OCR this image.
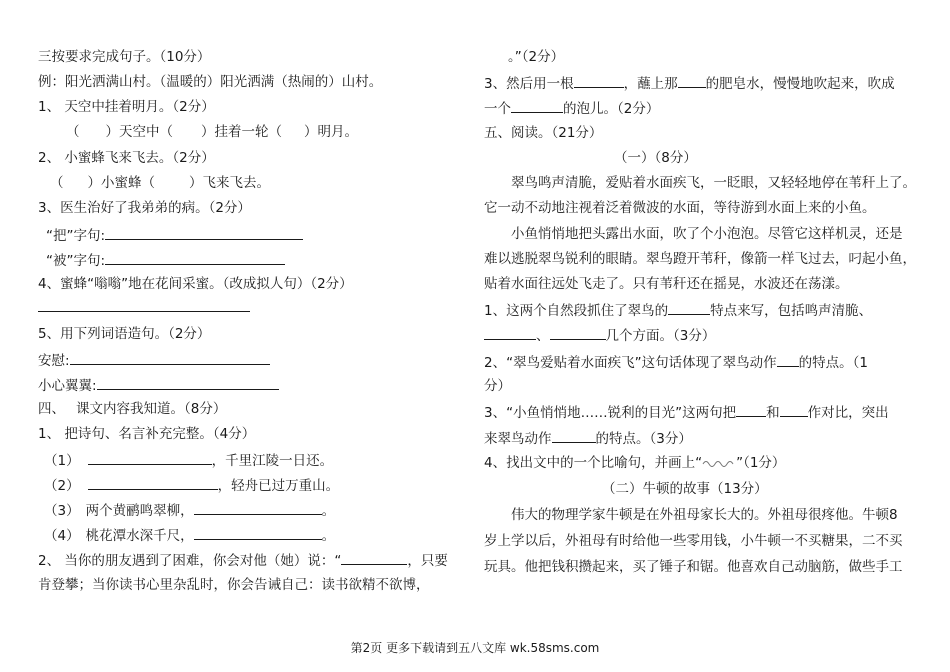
三按要求完成句子。（10分）
例：阳光洒满山村。（温暖的）阳光洒满（热闹的）山村。
1、 天空中挂着明月。（2分）
（ ）天空中（ ）挂着一轮（ ）明月。
2、 小蜜蜂飞来飞去。（2分）
（ ）小蜜蜂（	）飞来飞去。
3、医生治好了我弟弟的病。（2分）
“把”字句:
“被”字句:
4、蜜蜂“嗡嗡”地在花间采蜜。（改成拟人句）（2分）
5、用下列词语造句。（2分）
安慰:
小心翼翼:
四、　 课文内容我知道。（8分）
1、 把诗句、名言补充完整。（4分）
（1）	，千里江陵一日还。
（2）	，轻舟已过万重山。
（3） 两个黄鹂鸣翠柳，	。
（4） 桃花潭水深千尺，	。
2、 当你的朋友遇到了困难，你会对他（她）说：“	，只要
肯登攀；当你读书心里杂乱时，你会告诫自己：读书欲精不欲博，
。”（2分）
3、然后用一根	，蘸上那 的肥皂水，慢慢地吹起来，吹成
一个	的泡儿。（2分）
五、阅读。（21分）
（一）（8分）
　　翠鸟鸣声清脆，爱贴着水面疾飞，一眨眼，又轻轻地停在苇秆上了。
它一动不动地注视着泛着微波的水面，等待游到水面上来的小鱼。
　　小鱼悄悄地把头露出水面，吹了个小泡泡。尽管它这样机灵，还是
难以逃脱翠鸟锐利的眼睛。翠鸟蹬开苇秆，像箭一样飞过去，叼起小鱼，
贴着水面往远处飞走了。只有苇秆还在摇晃，水波还在荡漾。
1、这两个自然段抓住了翠鸟的	特点来写，包括鸣声清脆、
、	几个方面。（3分）
2、“翠鸟爱贴着水面疾飞”这句话体现了翠鸟动作 的特点。（1
分）
3、“小鱼悄悄地……锐利的目光”这两句把 和 作对比，突出
来翠鸟动作	的特点。（3分）
4、找出文中的一个比喻句，并画上“	”（1分）
（二）牛顿的故事（13分）
　　伟大的物理学家牛顿是在外祖母家长大的。外祖母很疼他。牛顿8
岁上学以后，外祖母有时给他一些零用钱，小牛顿一不买糖果，二不买
玩具。他把钱积攒起来，买了锤子和锯。他喜欢自己动脑筋，做些手工
第2页 更多下载请到五八文库 wk.58sms.com
